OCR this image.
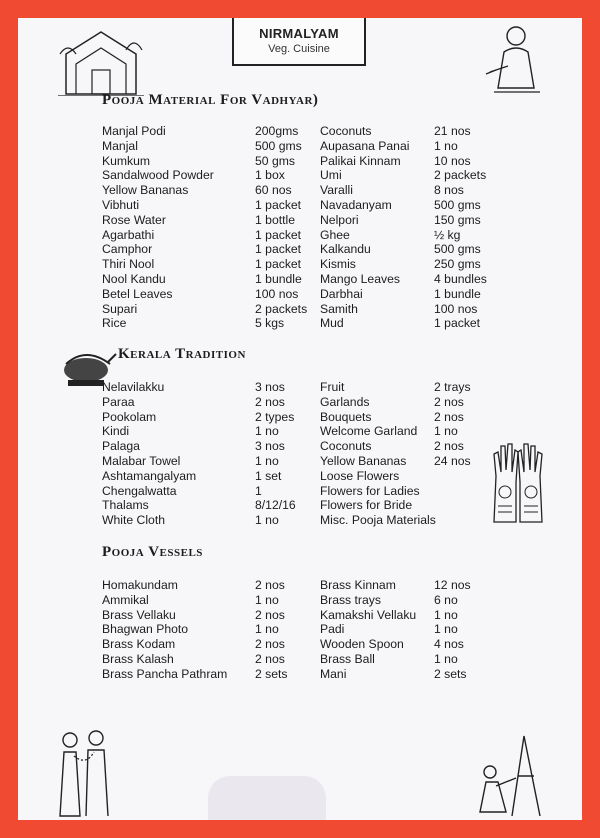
NIRMALYAM
Veg. Cuisine
Pooja Material For Vadhyar)
Kerala Tradition
Pooja Vessels
Manjal Podi	200gms Coconuts	21 nos
Manjal	500 gms Aupasana Panai 1 no
Kumkum	50 gms Palikai Kinnam	10 nos
Sandalwood Powder	1 box	Umi	2 packets
Yellow Bananas	60 nos Varalli	8 nos
Vibhuti	1 packet Navadanyam	500 gms
Rose Water	1 bottle Nelpori	150 gms
Agarbathi	1 packet Ghee	½ kg
Camphor	1 packet Kalkandu	500 gms
Thiri Nool	1 packet Kismis	250 gms
Nool Kandu	1 bundle Mango Leaves	4 bundles
Betel Leaves	100 nos Darbhai	1 bundle
Supari	2 packets Samith	100 nos
Rice	5 kgs	Mud	1 packet
Nelavilakku	3 nos	Fruit	2 trays
Paraa	2 nos	Garlands	2 nos
Pookolam	2 types Bouquets	2 nos
Kindi	1 no	Welcome Garland 1 no
Palaga	3 nos	Coconuts	2 nos
Malabar Towel	1 no	Yellow Bananas 24 nos
Ashtamangalyam	1 set	Loose Flowers
Chengalwatta	1	Flowers for Ladies
Thalams	8/12/16 Flowers for Bride
White Cloth	1 no	Misc. Pooja Materials
Homakundam	2 nos	Brass Kinnam	12 nos
Ammikal	1 no	Brass trays	6 no
Brass Vellaku	2 nos	Kamakshi Vellaku 1 no
Bhagwan Photo	1 no	Padi	1 no
Brass Kodam	2 nos	Wooden Spoon 4 nos
Brass Kalash	2 nos	Brass Ball	1 no
Brass Pancha Pathram 2 sets	Mani	2 sets
